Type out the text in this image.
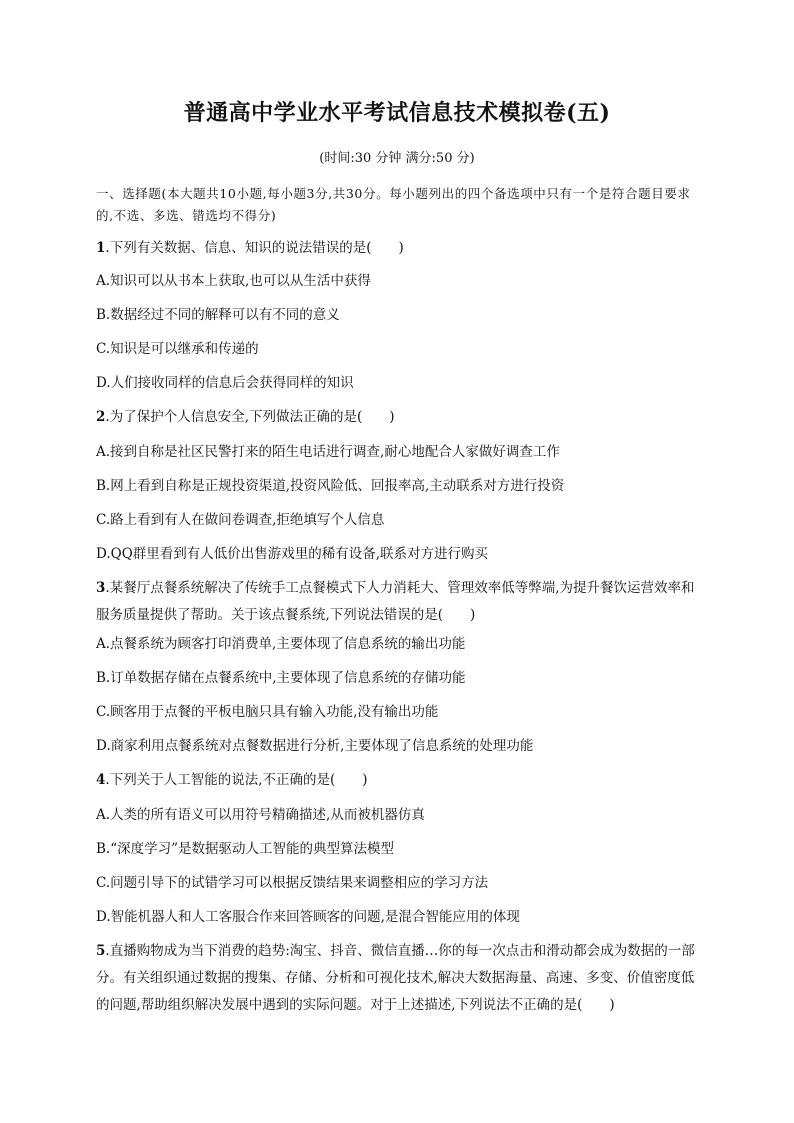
普通高中学业水平考试信息技术模拟卷(五)
(时间:30 分钟 满分:50 分)
一、选择题(本大题共10小题,每小题3分,共30分。每小题列出的四个备选项中只有一个是符合题目要求的,不选、多选、错选均不得分)
1.下列有关数据、信息、知识的说法错误的是(　　)
A.知识可以从书本上获取,也可以从生活中获得
B.数据经过不同的解释可以有不同的意义
C.知识是可以继承和传递的
D.人们接收同样的信息后会获得同样的知识
2.为了保护个人信息安全,下列做法正确的是(　　)
A.接到自称是社区民警打来的陌生电话进行调查,耐心地配合人家做好调查工作
B.网上看到自称是正规投资渠道,投资风险低、回报率高,主动联系对方进行投资
C.路上看到有人在做问卷调查,拒绝填写个人信息
D.QQ群里看到有人低价出售游戏里的稀有设备,联系对方进行购买
3.某餐厅点餐系统解决了传统手工点餐模式下人力消耗大、管理效率低等弊端,为提升餐饮运营效率和服务质量提供了帮助。关于该点餐系统,下列说法错误的是(　　)
A.点餐系统为顾客打印消费单,主要体现了信息系统的输出功能
B.订单数据存储在点餐系统中,主要体现了信息系统的存储功能
C.顾客用于点餐的平板电脑只具有输入功能,没有输出功能
D.商家利用点餐系统对点餐数据进行分析,主要体现了信息系统的处理功能
4.下列关于人工智能的说法,不正确的是(　　)
A.人类的所有语义可以用符号精确描述,从而被机器仿真
B.“深度学习”是数据驱动人工智能的典型算法模型
C.问题引导下的试错学习可以根据反馈结果来调整相应的学习方法
D.智能机器人和人工客服合作来回答顾客的问题,是混合智能应用的体现
5.直播购物成为当下消费的趋势:淘宝、抖音、微信直播…你的每一次点击和滑动都会成为数据的一部分。有关组织通过数据的搜集、存储、分析和可视化技术,解决大数据海量、高速、多变、价值密度低的问题,帮助组织解决发展中遇到的实际问题。对于上述描述,下列说法不正确的是(　　)
